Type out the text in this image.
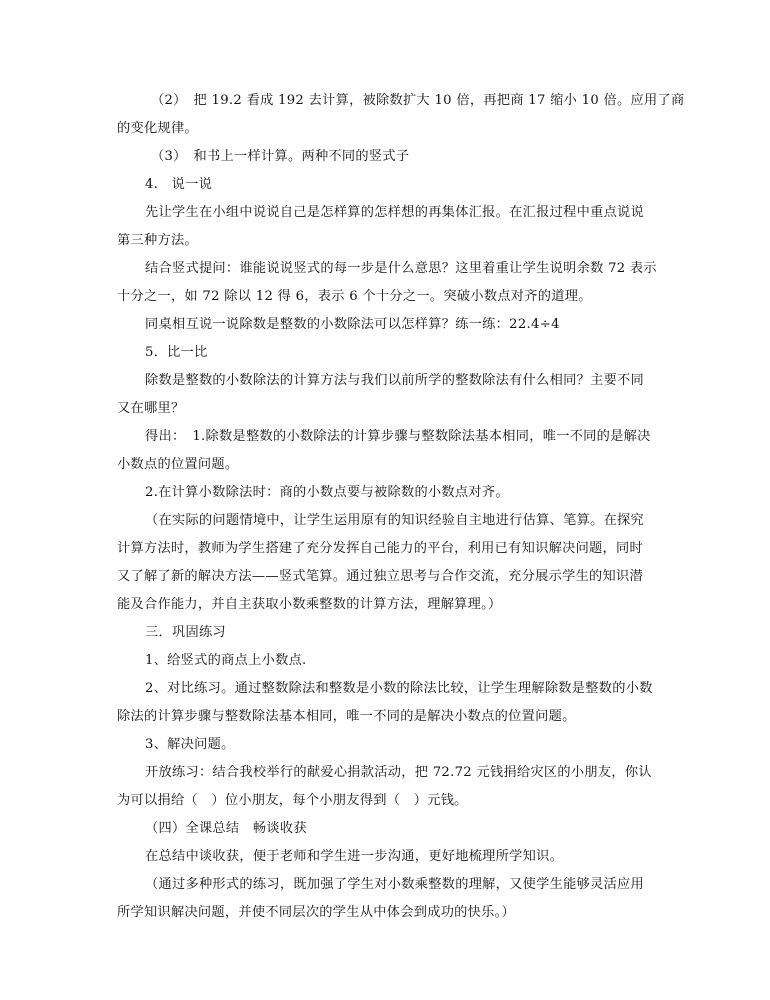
（2）　把 19.2 看成 192 去计算，被除数扩大 10 倍，再把商 17 缩小 10 倍。应用了商
的变化规律。
（3）　和书上一样计算。两种不同的竖式子
4.　说一说
先让学生在小组中说说自己是怎样算的怎样想的再集体汇报。在汇报过程中重点说说
第三种方法。
结合竖式提问：谁能说说竖式的每一步是什么意思？这里着重让学生说明余数 72 表示
十分之一，如 72 除以 12 得 6，表示 6 个十分之一。突破小数点对齐的道理。
同桌相互说一说除数是整数的小数除法可以怎样算？练一练：22.4÷4
5．比一比
除数是整数的小数除法的计算方法与我们以前所学的整数除法有什么相同？主要不同
又在哪里？
得出：　1.除数是整数的小数除法的计算步骤与整数除法基本相同，唯一不同的是解决
小数点的位置问题。
2.在计算小数除法时：商的小数点要与被除数的小数点对齐。
（在实际的问题情境中，让学生运用原有的知识经验自主地进行估算、笔算。在探究
计算方法时，教师为学生搭建了充分发挥自己能力的平台，利用已有知识解决问题，同时
又了解了新的解决方法——竖式笔算。通过独立思考与合作交流，充分展示学生的知识潜
能及合作能力，并自主获取小数乘整数的计算方法，理解算理。）
三．巩固练习
1、给竖式的商点上小数点.
2、对比练习。通过整数除法和整数是小数的除法比较，让学生理解除数是整数的小数
除法的计算步骤与整数除法基本相同，唯一不同的是解决小数点的位置问题。
3、解决问题。
开放练习：结合我校举行的献爱心捐款活动，把 72.72 元钱捐给灾区的小朋友，你认
为可以捐给（　）位小朋友，每个小朋友得到（　）元钱。
（四）全课总结　畅谈收获
在总结中谈收获，便于老师和学生进一步沟通，更好地梳理所学知识。
（通过多种形式的练习，既加强了学生对小数乘整数的理解，又使学生能够灵活应用
所学知识解决问题，并使不同层次的学生从中体会到成功的快乐。）
